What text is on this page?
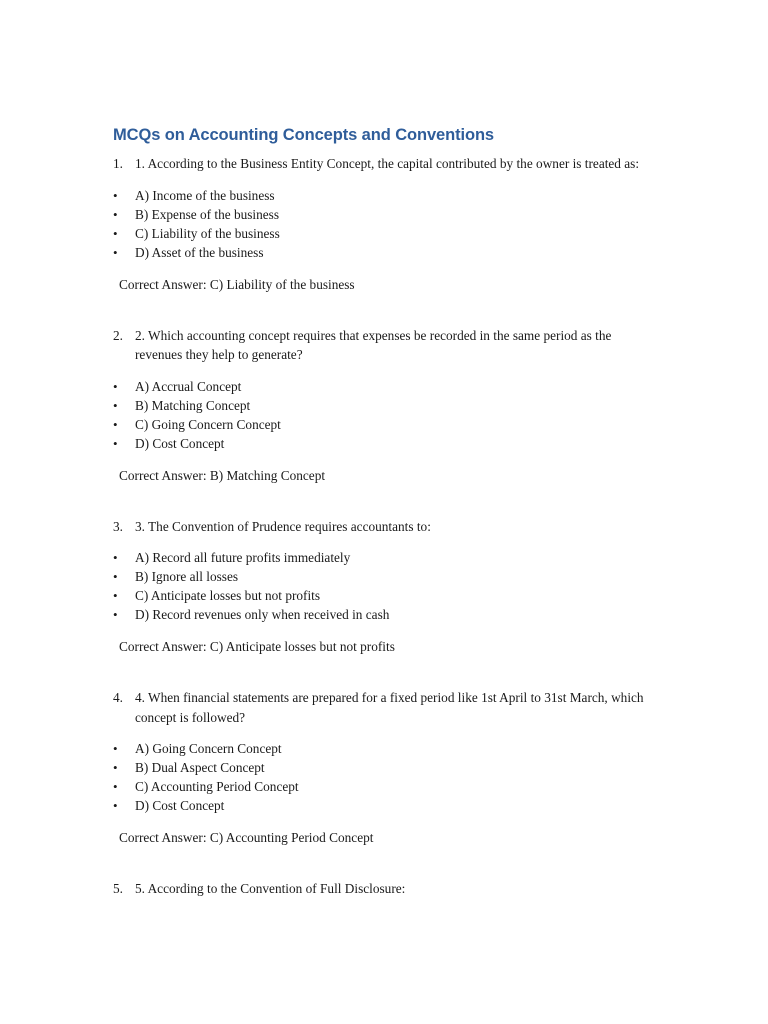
MCQs on Accounting Concepts and Conventions
1. 1. According to the Business Entity Concept, the capital contributed by the owner is treated as:
•	A) Income of the business
•	B) Expense of the business
•	C) Liability of the business
•	D) Asset of the business

Correct Answer: C) Liability of the business

2. 2. Which accounting concept requires that expenses be recorded in the same period as the revenues they help to generate?
•	A) Accrual Concept
•	B) Matching Concept
•	C) Going Concern Concept
•	D) Cost Concept

Correct Answer: B) Matching Concept

3. 3. The Convention of Prudence requires accountants to:
•	A) Record all future profits immediately
•	B) Ignore all losses
•	C) Anticipate losses but not profits
•	D) Record revenues only when received in cash

Correct Answer: C) Anticipate losses but not profits

4. 4. When financial statements are prepared for a fixed period like 1st April to 31st March, which concept is followed?
•	A) Going Concern Concept
•	B) Dual Aspect Concept
•	C) Accounting Period Concept
•	D) Cost Concept

Correct Answer: C) Accounting Period Concept

5. 5. According to the Convention of Full Disclosure:
